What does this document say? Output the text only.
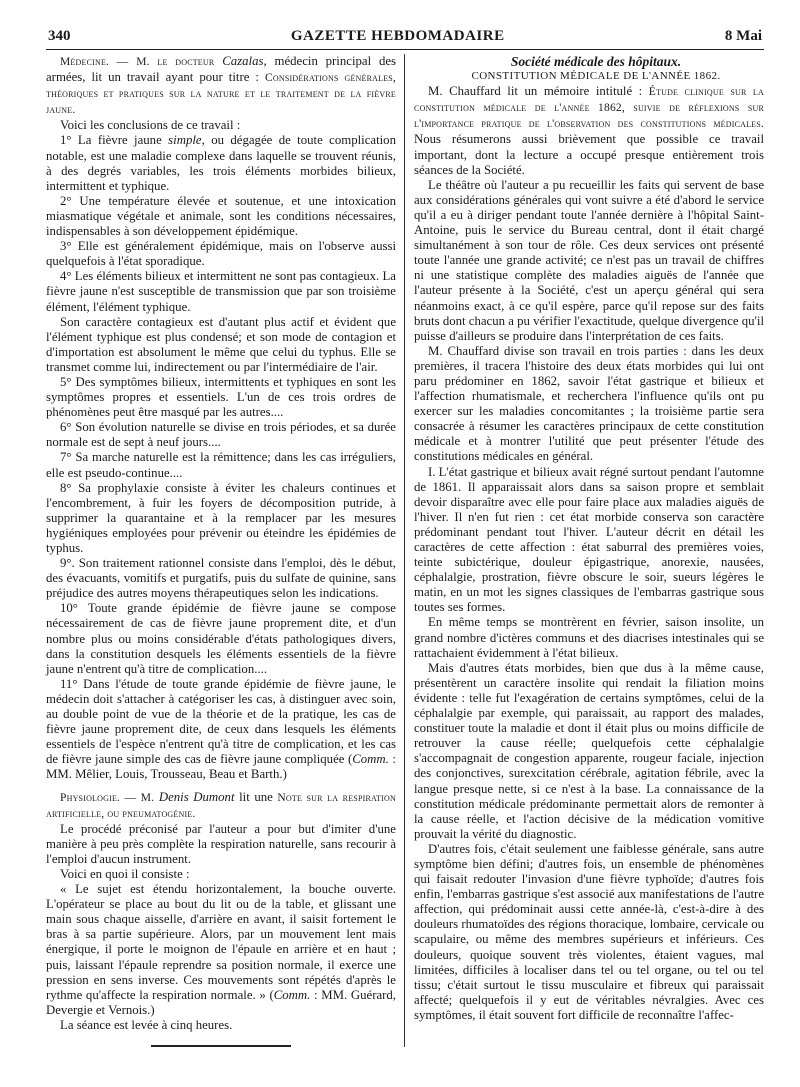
340	GAZETTE HEBDOMADAIRE	8 Mai

Médecine. — M. le docteur Cazalas, médecin principal des armées, lit un travail ayant pour titre : Considérations générales, théoriques et pratiques sur la nature et le traitement de la fièvre jaune.

Voici les conclusions de ce travail :

1° La fièvre jaune simple, ou dégagée de toute complication notable, est une maladie complexe dans laquelle se trouvent réunis, à des degrés variables, les trois éléments morbides bilieux, intermittent et typhique.

2° Une température élevée et soutenue, et une intoxication miasmatique végétale et animale, sont les conditions nécessaires, indispensables à son développement épidémique.

3° Elle est généralement épidémique, mais on l'observe aussi quelquefois à l'état sporadique.

4° Les éléments bilieux et intermittent ne sont pas contagieux. La fièvre jaune n'est susceptible de transmission que par son troisième élément, l'élément typhique.

Son caractère contagieux est d'autant plus actif et évident que l'élément typhique est plus condensé; et son mode de contagion et d'importation est absolument le même que celui du typhus. Elle se transmet comme lui, indirectement ou par l'intermédiaire de l'air.

5° Des symptômes bilieux, intermittents et typhiques en sont les symptômes propres et essentiels. L'un de ces trois ordres de phénomènes peut être masqué par les autres....

6° Son évolution naturelle se divise en trois périodes, et sa durée normale est de sept à neuf jours....

7° Sa marche naturelle est la rémittence; dans les cas irréguliers, elle est pseudo-continue....

8° Sa prophylaxie consiste à éviter les chaleurs continues et l'encombrement, à fuir les foyers de décomposition putride, à supprimer la quarantaine et à la remplacer par les mesures hygiéniques employées pour prévenir ou éteindre les épidémies de typhus.

9°. Son traitement rationnel consiste dans l'emploi, dès le début, des évacuants, vomitifs et purgatifs, puis du sulfate de quinine, sans préjudice des autres moyens thérapeutiques selon les indications.

10° Toute grande épidémie de fièvre jaune se compose nécessairement de cas de fièvre jaune proprement dite, et d'un nombre plus ou moins considérable d'états pathologiques divers, dans la constitution desquels les éléments essentiels de la fièvre jaune n'entrent qu'à titre de complication....

11° Dans l'étude de toute grande épidémie de fièvre jaune, le médecin doit s'attacher à catégoriser les cas, à distinguer avec soin, au double point de vue de la théorie et de la pratique, les cas de fièvre jaune proprement dite, de ceux dans lesquels les éléments essentiels de l'espèce n'entrent qu'à titre de complication, et les cas de fièvre jaune simple des cas de fièvre jaune compliquée (Comm. : MM. Mêlier, Louis, Trousseau, Beau et Barth.)

Physiologie. — M. Denis Dumont lit une Note sur la respiration artificielle, ou pneumatogénie.

Le procédé préconisé par l'auteur a pour but d'imiter d'une manière à peu près complète la respiration naturelle, sans recourir à l'emploi d'aucun instrument.

Voici en quoi il consiste :

« Le sujet est étendu horizontalement, la bouche ouverte. L'opérateur se place au bout du lit ou de la table, et glissant une main sous chaque aisselle, d'arrière en avant, il saisit fortement le bras à sa partie supérieure. Alors, par un mouvement lent mais énergique, il porte le moignon de l'épaule en arrière et en haut ; puis, laissant l'épaule reprendre sa position normale, il exerce une pression en sens inverse. Ces mouvements sont répétés d'après le rythme qu'affecte la respiration normale. » (Comm. : MM. Guérard, Devergie et Vernois.)

La séance est levée à cinq heures.

Société médicale des hôpitaux.

CONSTITUTION MÉDICALE DE L'ANNÉE 1862.

M. Chauffard lit un mémoire intitulé : Étude clinique sur la constitution médicale de l'année 1862, suivie de réflexions sur l'importance pratique de l'observation des constitutions médicales. Nous résumerons aussi brièvement que possible ce travail important, dont la lecture a occupé presque entièrement trois séances de la Société.

Le théâtre où l'auteur a pu recueillir les faits qui servent de base aux considérations générales qui vont suivre a été d'abord le service qu'il a eu à diriger pendant toute l'année dernière à l'hôpital Saint-Antoine, puis le service du Bureau central, dont il était chargé simultanément à son tour de rôle. Ces deux services ont présenté toute l'année une grande activité; ce n'est pas un travail de chiffres ni une statistique complète des maladies aiguës de l'année que l'auteur présente à la Société, c'est un aperçu général qui sera néanmoins exact, à ce qu'il espère, parce qu'il repose sur des faits bruts dont chacun a pu vérifier l'exactitude, quelque divergence qu'il puisse d'ailleurs se produire dans l'interprétation de ces faits.

M. Chauffard divise son travail en trois parties : dans les deux premières, il tracera l'histoire des deux états morbides qui lui ont paru prédominer en 1862, savoir l'état gastrique et bilieux et l'affection rhumatismale, et recherchera l'influence qu'ils ont pu exercer sur les maladies concomitantes ; la troisième partie sera consacrée à résumer les caractères principaux de cette constitution médicale et à montrer l'utilité que peut présenter l'étude des constitutions médicales en général.

I. L'état gastrique et bilieux avait régné surtout pendant l'automne de 1861. Il apparaissait alors dans sa saison propre et semblait devoir disparaître avec elle pour faire place aux maladies aiguës de l'hiver. Il n'en fut rien : cet état morbide conserva son caractère prédominant pendant tout l'hiver. L'auteur décrit en détail les caractères de cette affection : état saburral des premières voies, teinte subictérique, douleur épigastrique, anorexie, nausées, céphalalgie, prostration, fièvre obscure le soir, sueurs légères le matin, en un mot les signes classiques de l'embarras gastrique sous toutes ses formes.

En même temps se montrèrent en février, saison insolite, un grand nombre d'ictères communs et des diacrises intestinales qui se rattachaient évidemment à l'état bilieux.

Mais d'autres états morbides, bien que dus à la même cause, présentèrent un caractère insolite qui rendait la filiation moins évidente : telle fut l'exagération de certains symptômes, celui de la céphalalgie par exemple, qui paraissait, au rapport des malades, constituer toute la maladie et dont il était plus ou moins difficile de retrouver la cause réelle; quelquefois cette céphalalgie s'accompagnait de congestion apparente, rougeur faciale, injection des conjonctives, surexcitation cérébrale, agitation fébrile, avec la langue presque nette, si ce n'est à la base. La connaissance de la constitution médicale prédominante permettait alors de remonter à la cause réelle, et l'action décisive de la médication vomitive prouvait la vérité du diagnostic.

D'autres fois, c'était seulement une faiblesse générale, sans autre symptôme bien défini; d'autres fois, un ensemble de phénomènes qui faisait redouter l'invasion d'une fièvre typhoïde; d'autres fois enfin, l'embarras gastrique s'est associé aux manifestations de l'autre affection, qui prédominait aussi cette année-là, c'est-à-dire à des douleurs rhumatoïdes des régions thoracique, lombaire, cervicale ou scapulaire, ou même des membres supérieurs et inférieurs. Ces douleurs, quoique souvent très violentes, étaient vagues, mal limitées, difficiles à localiser dans tel ou tel organe, ou tel ou tel tissu; c'était surtout le tissu musculaire et fibreux qui paraissait affecté; quelquefois il y eut de véritables névralgies. Avec ces symptômes, il était souvent fort difficile de reconnaître l'affec-
